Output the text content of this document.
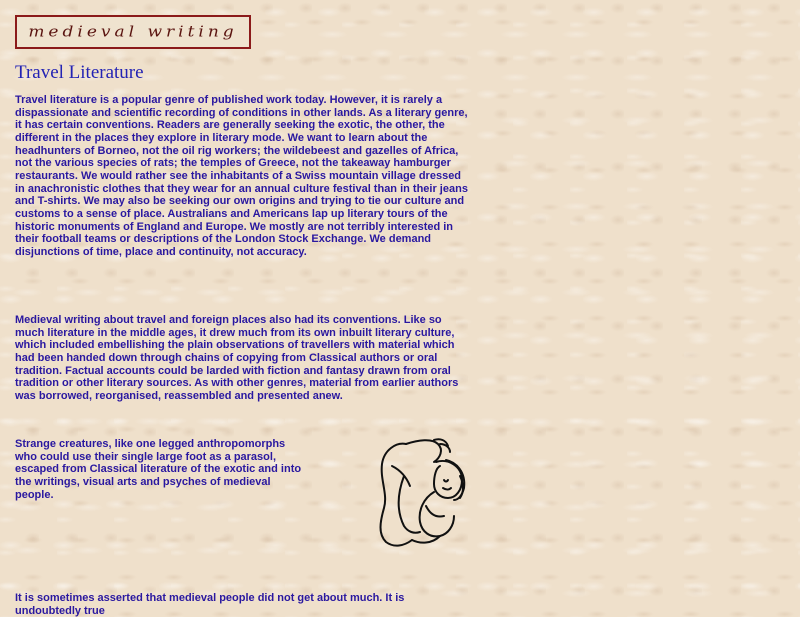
medieval writing
Travel Literature

Travel literature is a popular genre of published work today. However, it is rarely a dispassionate and scientific recording of conditions in other lands. As a literary genre, it has certain conventions. Readers are generally seeking the exotic, the other, the different in the places they explore in literary mode. We want to learn about the headhunters of Borneo, not the oil rig workers; the wildebeest and gazelles of Africa, not the various species of rats; the temples of Greece, not the takeaway hamburger restaurants. We would rather see the inhabitants of a Swiss mountain village dressed in anachronistic clothes that they wear for an annual culture festival than in their jeans and T-shirts. We may also be seeking our own origins and trying to tie our culture and customs to a sense of place. Australians and Americans lap up literary tours of the historic monuments of England and Europe. We mostly are not terribly interested in their football teams or descriptions of the London Stock Exchange. We demand disjunctions of time, place and continuity, not accuracy.

Medieval writing about travel and foreign places also had its conventions. Like so much literature in the middle ages, it drew much from its own inbuilt literary culture, which included embellishing the plain observations of travellers with material which had been handed down through chains of copying from Classical authors or oral tradition. Factual accounts could be larded with fiction and fantasy drawn from oral tradition or other literary sources. As with other genres, material from earlier authors was borrowed, reorganised, reassembled and presented anew.

Strange creatures, like one legged anthropomorphs who could use their single large foot as a parasol, escaped from Classical literature of the exotic and into the writings, visual arts and psyches of medieval people.

It is sometimes asserted that medieval people did not get about much. It is undoubtedly true
